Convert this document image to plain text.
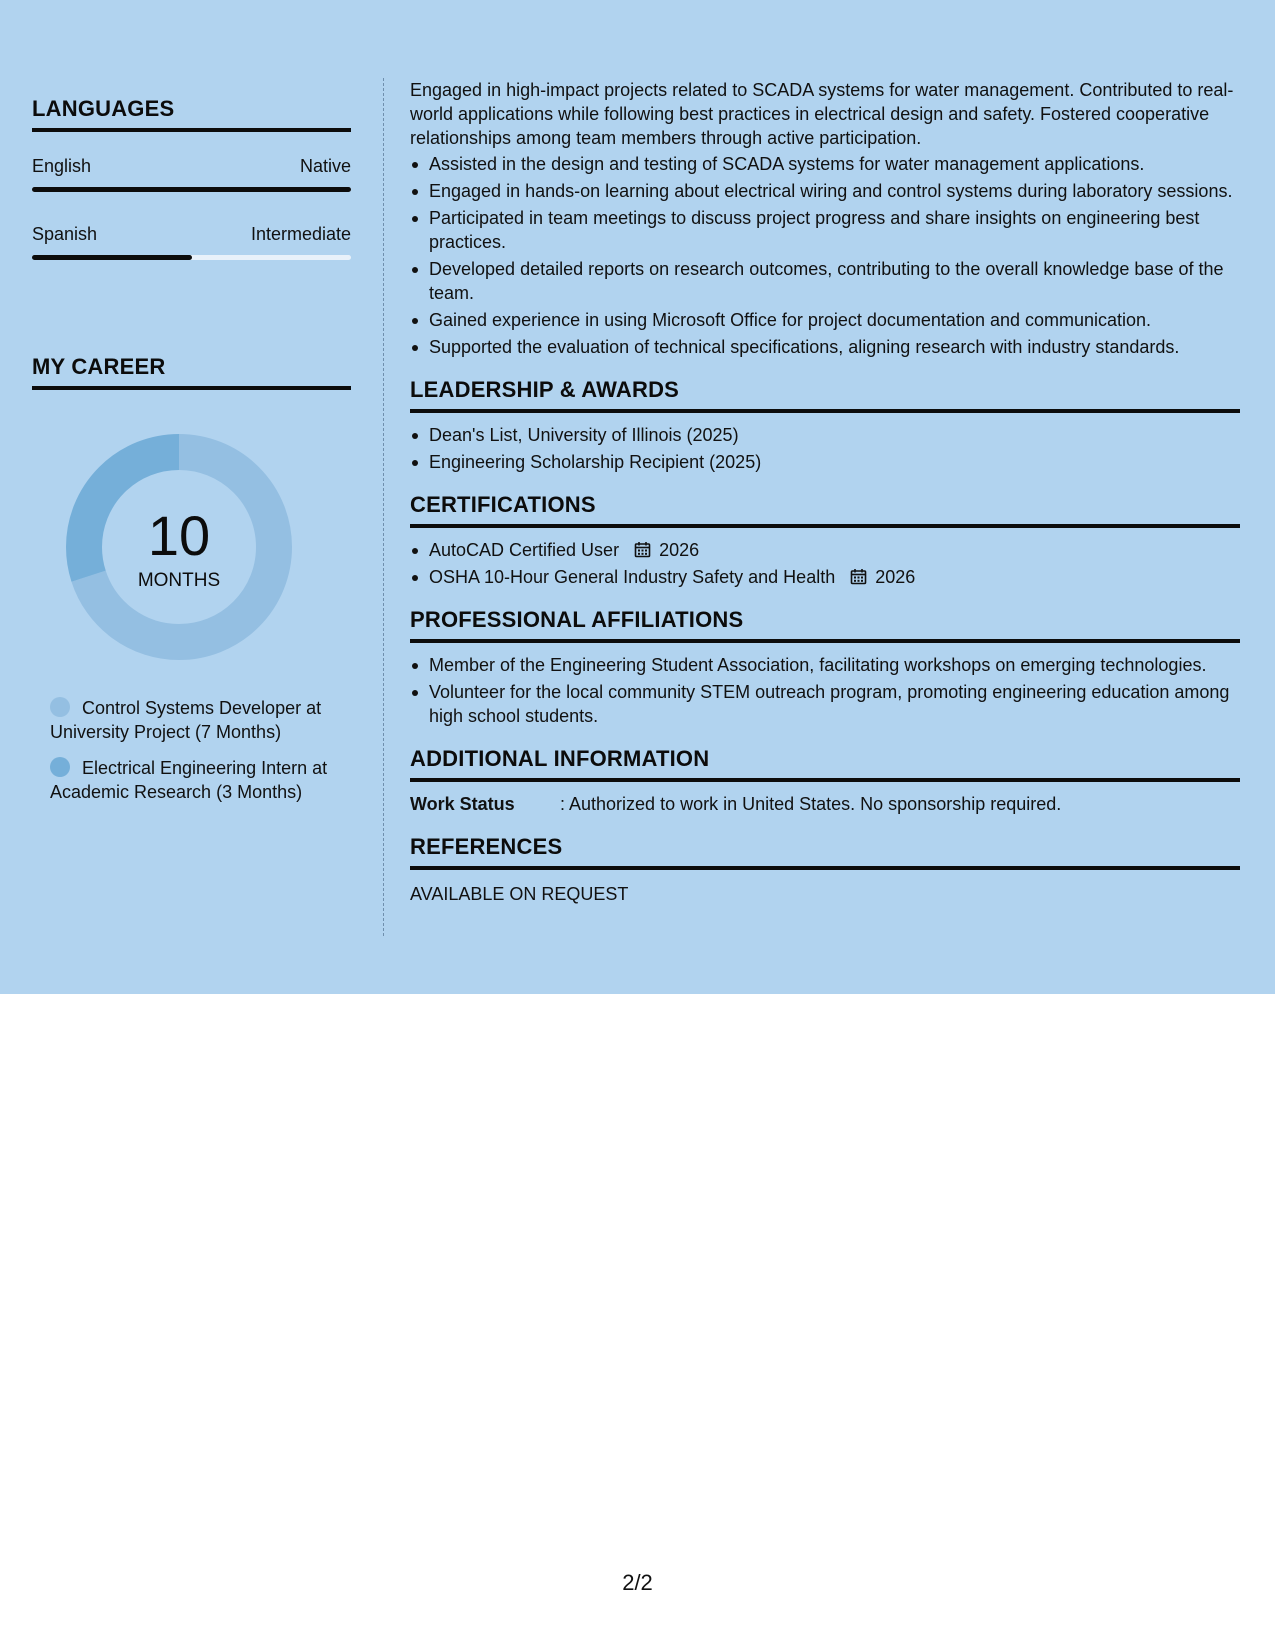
LANGUAGES
English	Native
Spanish	Intermediate
MY CAREER
10
MONTHS
Control Systems Developer at University Project (7 Months)
Electrical Engineering Intern at Academic Research (3 Months)

Engaged in high-impact projects related to SCADA systems for water management. Contributed to real-world applications while following best practices in electrical design and safety. Fostered cooperative relationships among team members through active participation.

Assisted in the design and testing of SCADA systems for water management applications.
Engaged in hands-on learning about electrical wiring and control systems during laboratory sessions.
Participated in team meetings to discuss project progress and share insights on engineering best practices.
Developed detailed reports on research outcomes, contributing to the overall knowledge base of the team.
Gained experience in using Microsoft Office for project documentation and communication.
Supported the evaluation of technical specifications, aligning research with industry standards.
LEADERSHIP & AWARDS
Dean's List, University of Illinois (2025)
Engineering Scholarship Recipient (2025)
CERTIFICATIONS
AutoCAD Certified User 2026
OSHA 10-Hour General Industry Safety and Health 2026
PROFESSIONAL AFFILIATIONS
Member of the Engineering Student Association, facilitating workshops on emerging technologies.
Volunteer for the local community STEM outreach program, promoting engineering education among high school students.
ADDITIONAL INFORMATION
Work Status	: Authorized to work in United States. No sponsorship required.
REFERENCES
AVAILABLE ON REQUEST
2/2
